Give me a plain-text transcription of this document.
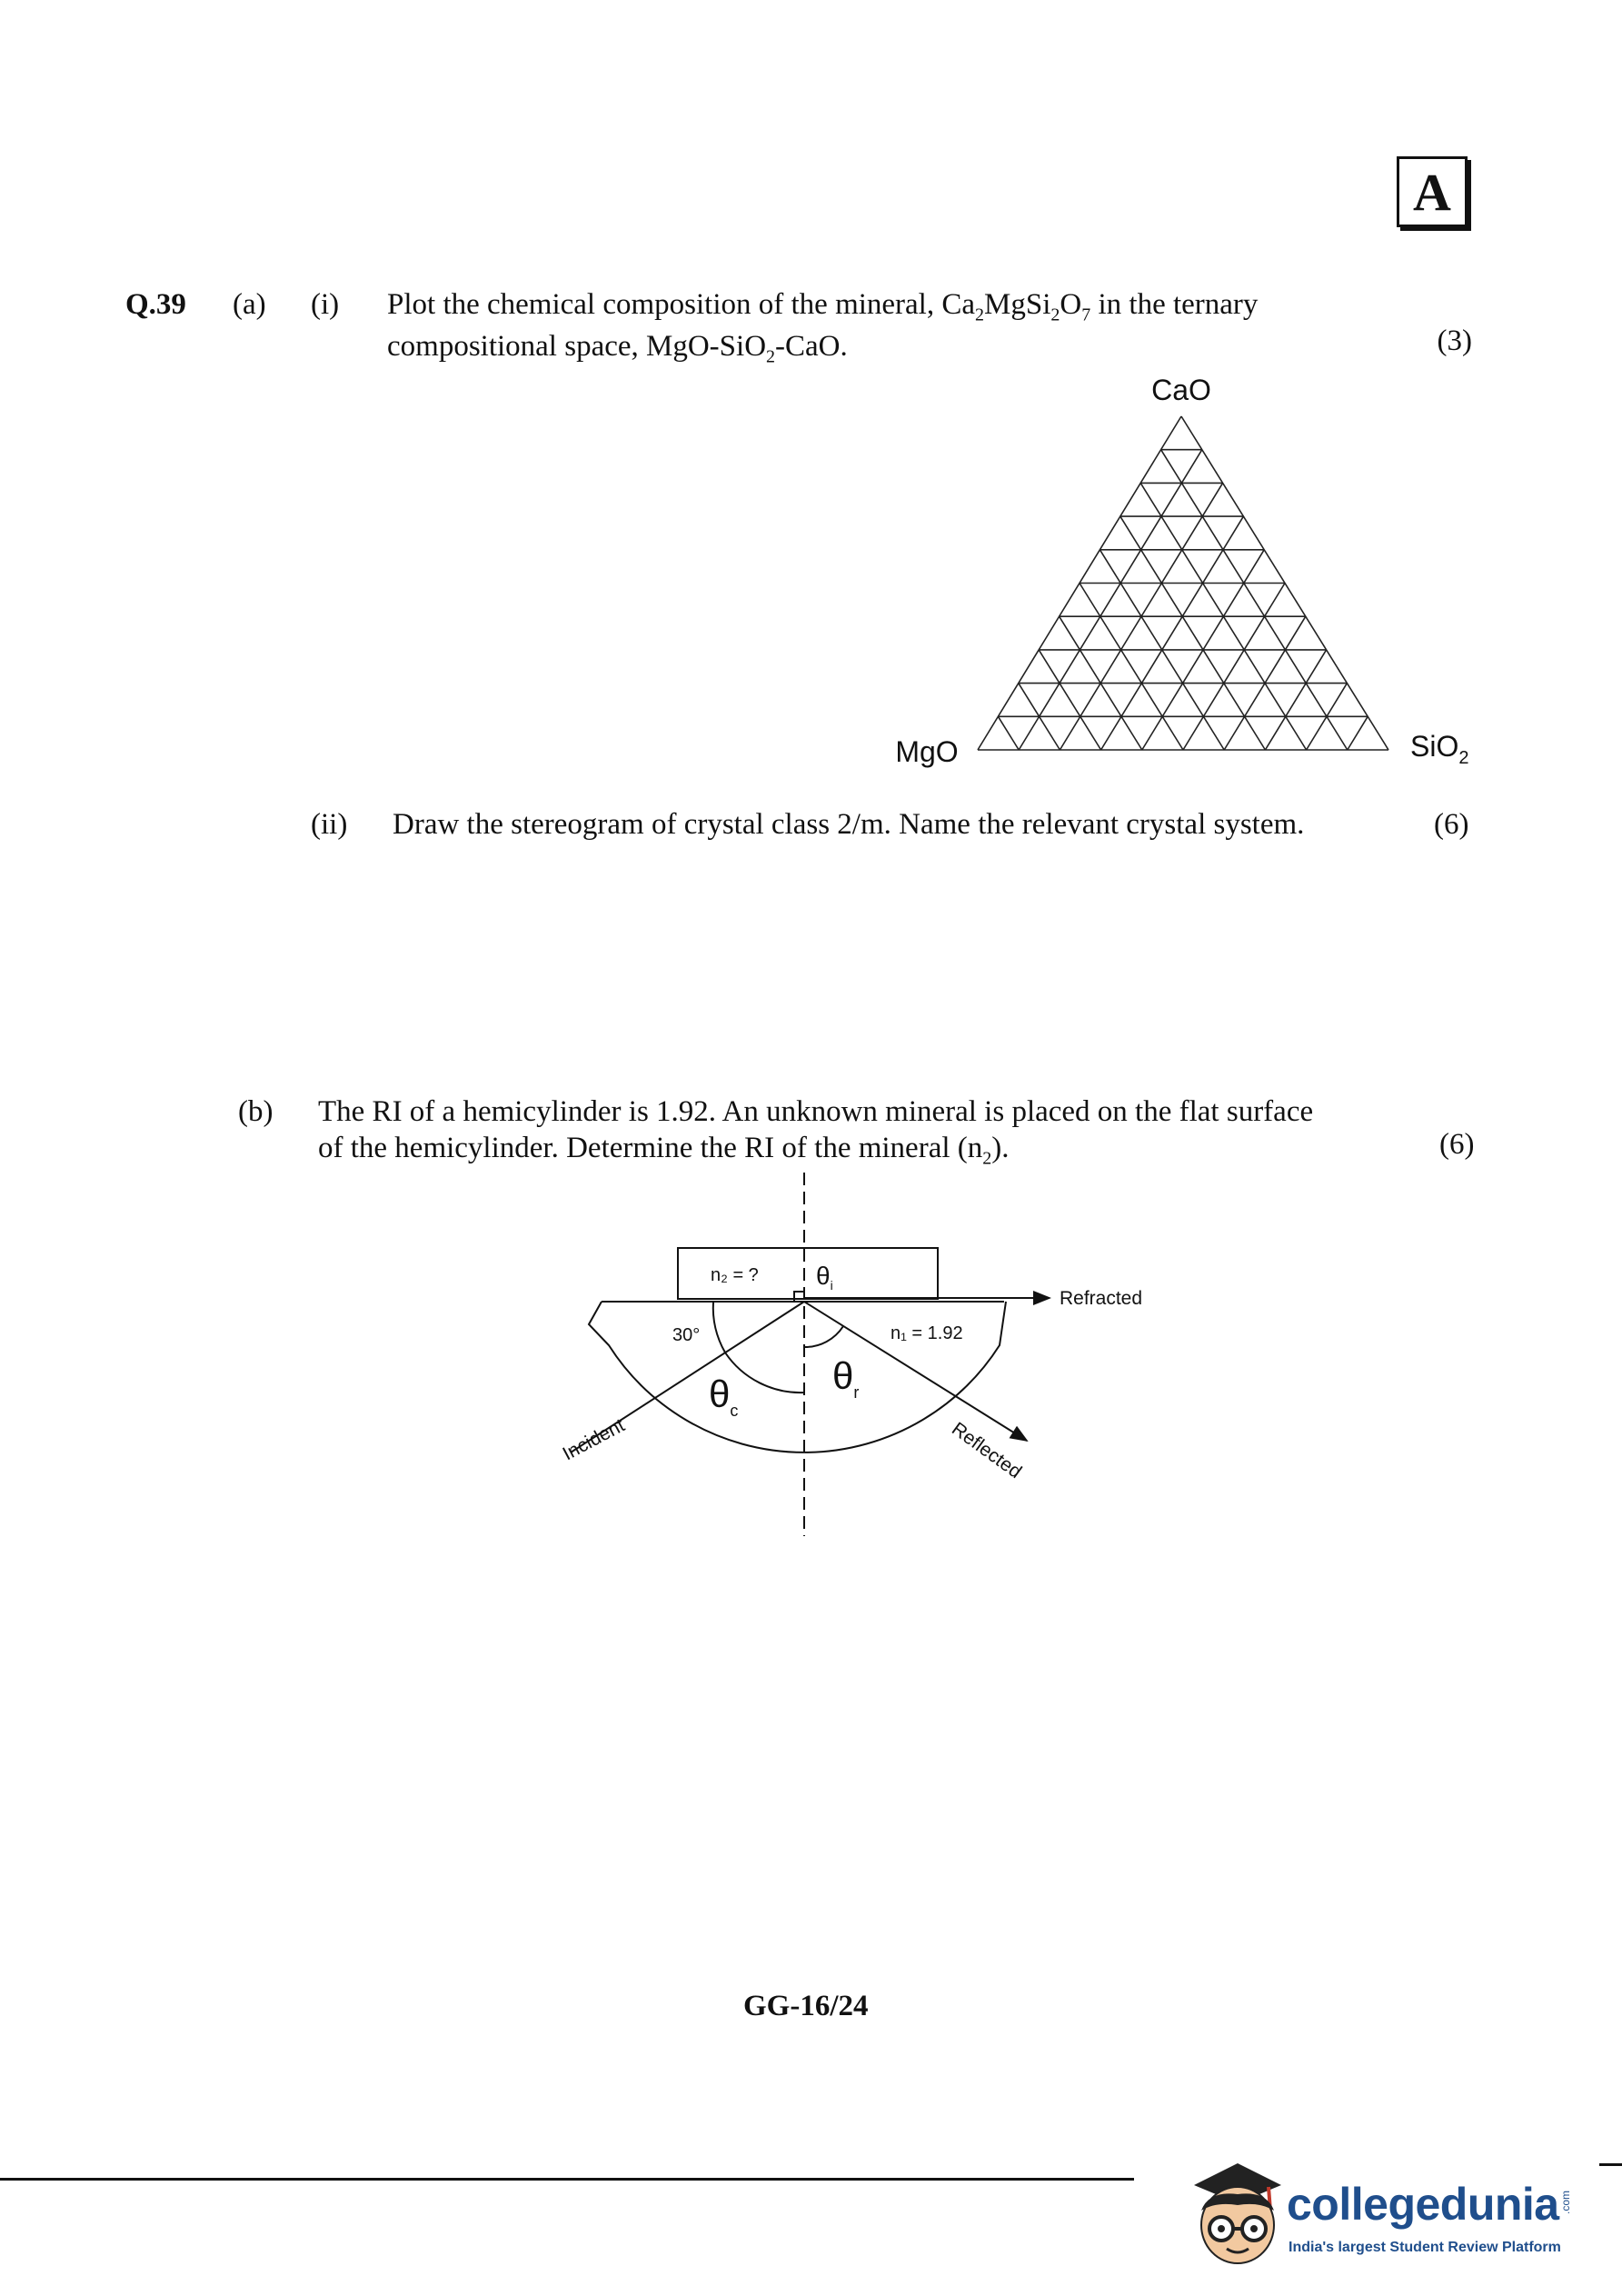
A
Q.39 (a) (i) Plot the chemical composition of the mineral, $Ca_2MgSi_2O_7$ in the ternary
compositional space, MgO-SiO$_2$-CaO.	(3)
CaO
MgO	SiO$_2$
(ii) Draw the stereogram of crystal class 2/m. Name the relevant crystal system.	(6)
(b) The RI of a hemicylinder is 1.92. An unknown mineral is placed on the flat surface
of the hemicylinder. Determine the RI of the mineral $(n_2)$.	(6)
n₂ = ? $\theta_i$
Refracted
30°	n₁ = 1.92
$\theta_c$
$\theta_r$
Incident	Reflected
GG-16/24
collegedunia .com
India's largest Student Review Platform
